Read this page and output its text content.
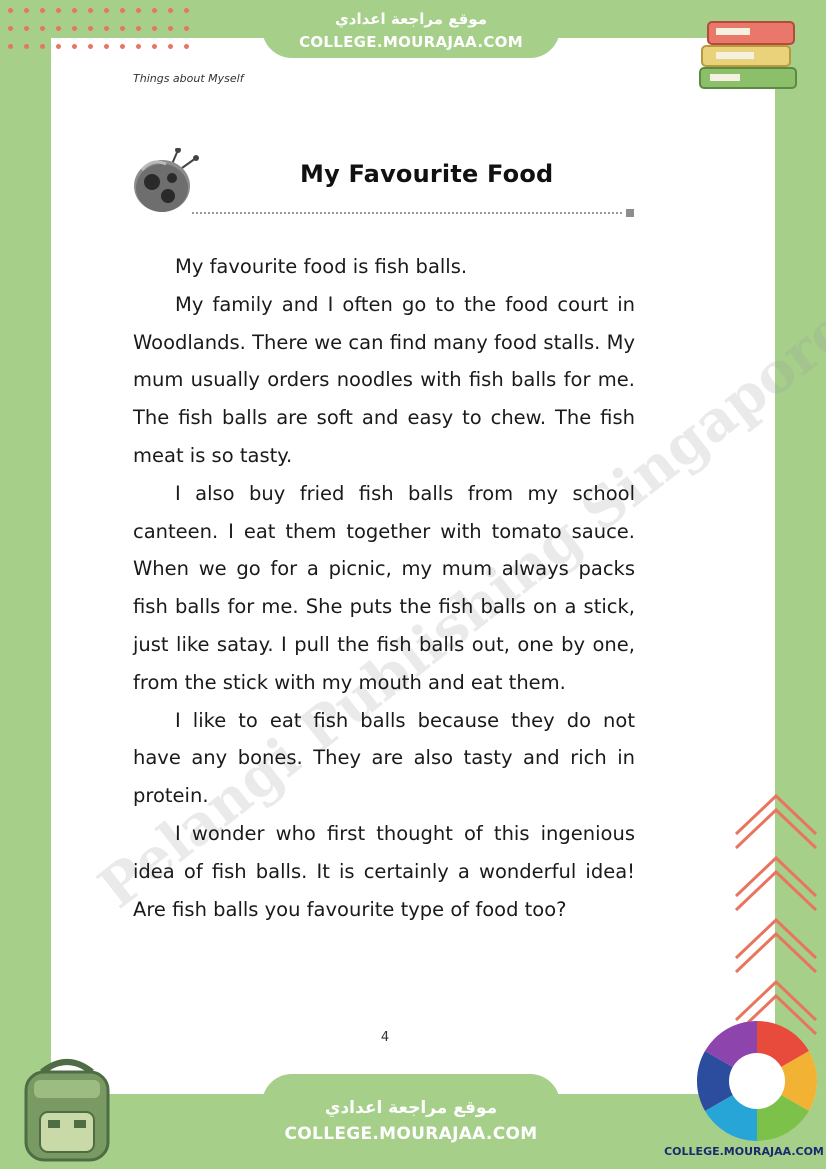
موقع مراجعة اعدادي
COLLEGE.MOURAJAA.COM
Things about Myself
My Favourite Food
Pelangi Publishing Singapore

My favourite food is fish balls.

My family and I often go to the food court in Woodlands. There we can find many food stalls. My mum usually orders noodles with fish balls for me. The fish balls are soft and easy to chew. The fish meat is so tasty.

I also buy fried fish balls from my school canteen. I eat them together with tomato sauce. When we go for a picnic, my mum always packs fish balls for me. She puts the fish balls on a stick, just like satay. I pull the fish balls out, one by one, from the stick with my mouth and eat them.

I like to eat fish balls because they do not have any bones. They are also tasty and rich in protein.

I wonder who first thought of this ingenious idea of fish balls. It is certainly a wonderful idea! Are fish balls you favourite type of food too?

4
موقع مراجعة اعدادي
COLLEGE.MOURAJAA.COM
COLLEGE.MOURAJAA.COM
